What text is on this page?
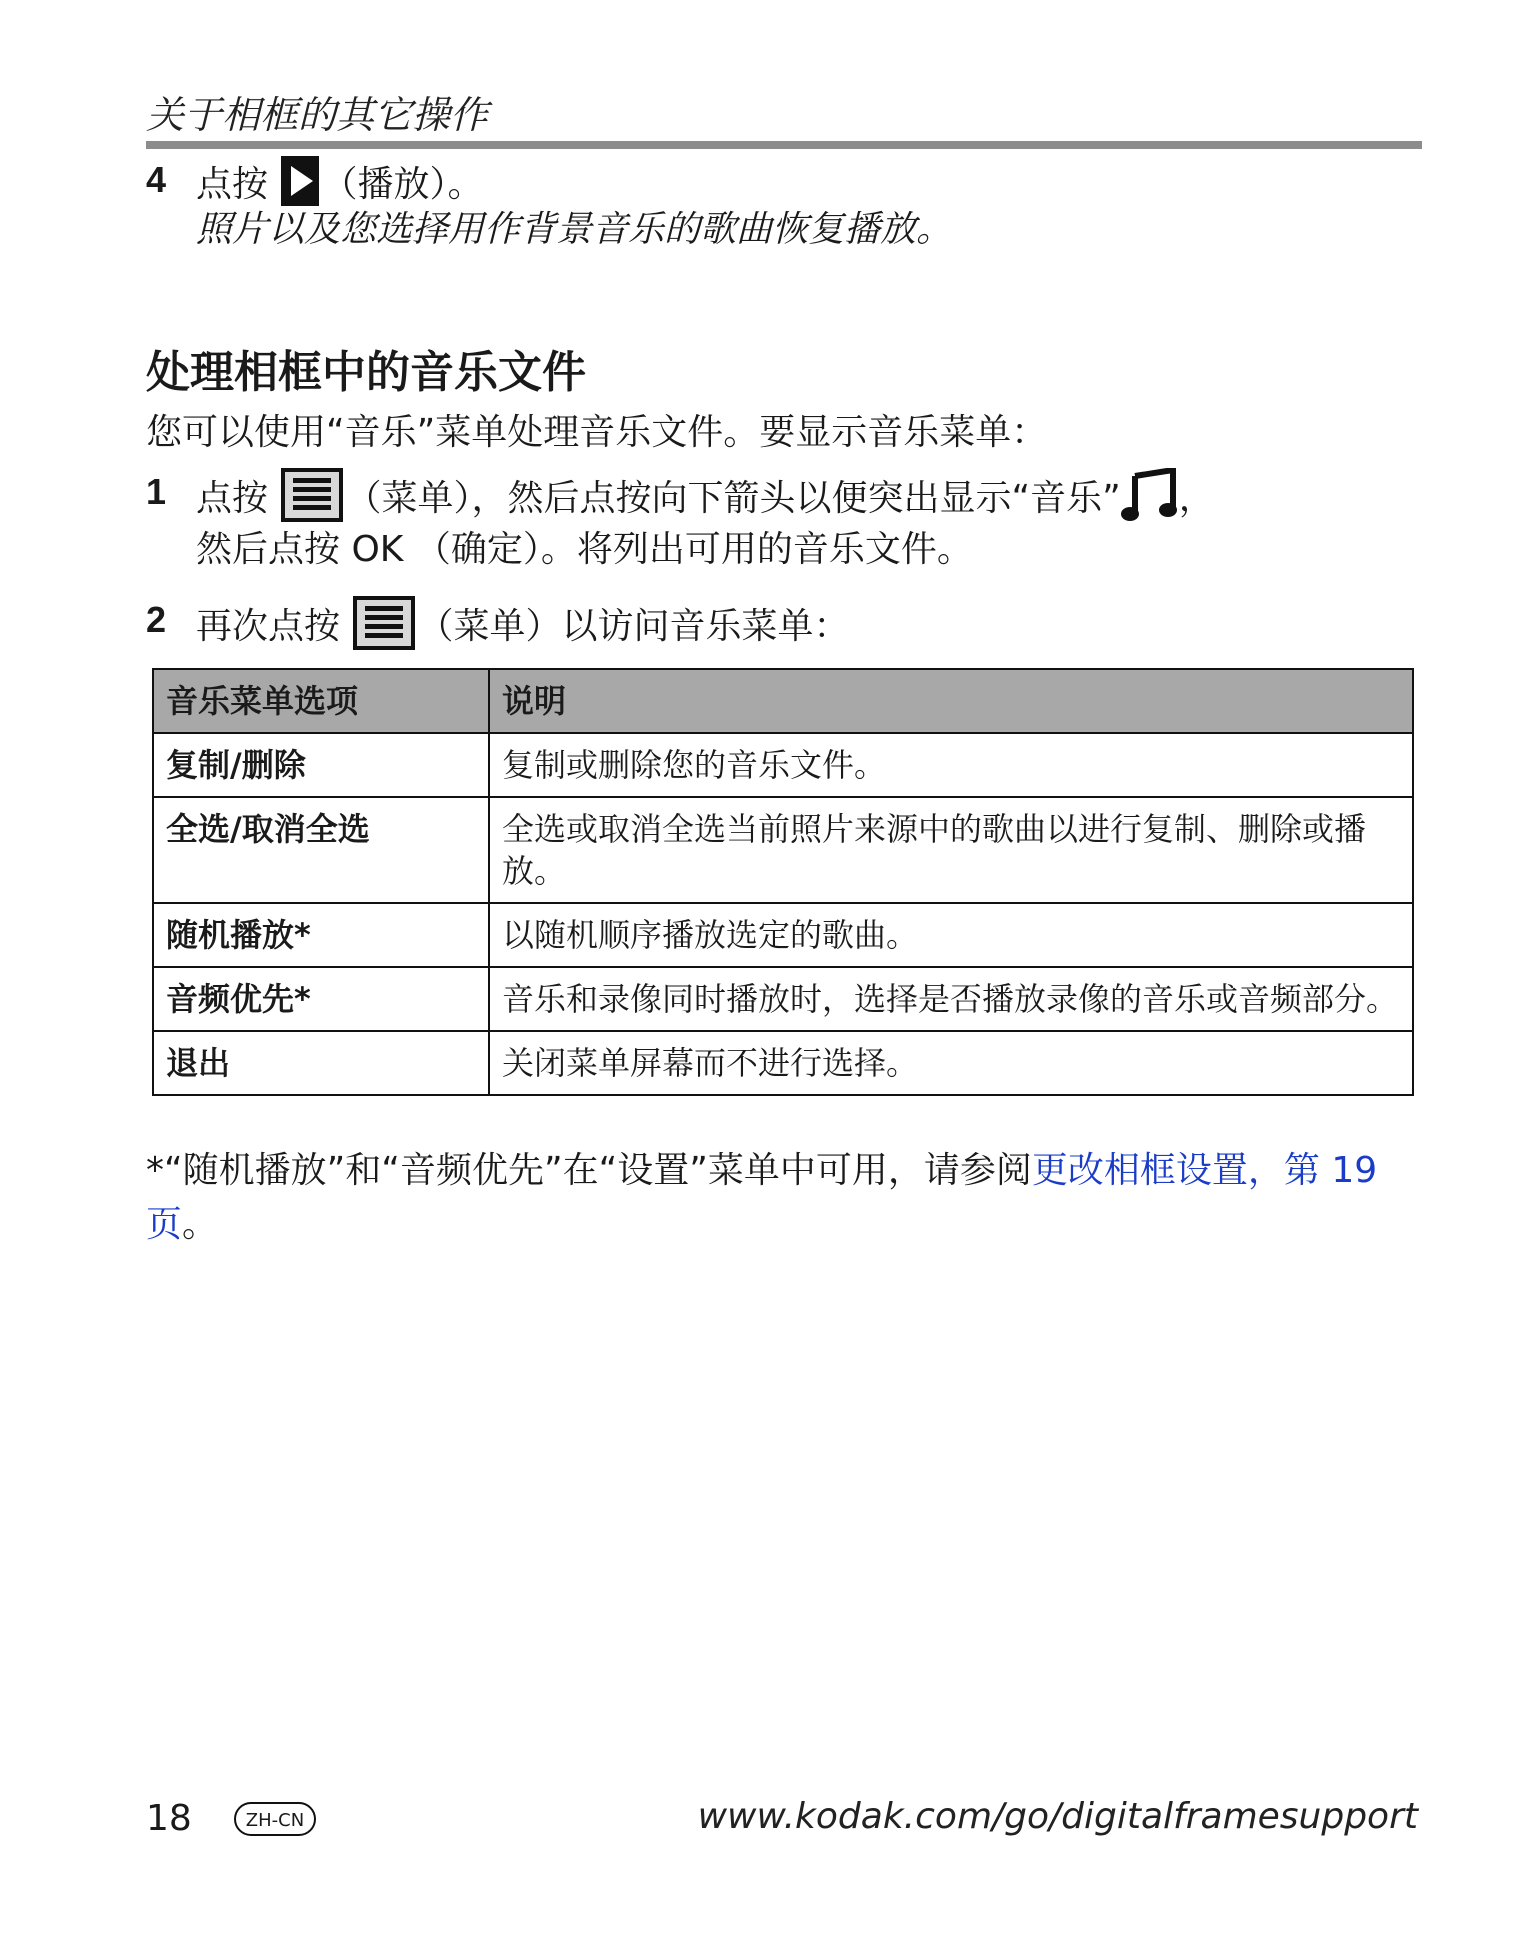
关于相框的其它操作
4 点按 （播放）。
照片以及您选择用作背景音乐的歌曲恢复播放。
处理相框中的音乐文件
您可以使用“音乐”菜单处理音乐文件。要显示音乐菜单：
1 点按 （菜单），然后点按向下箭头以便突出显示“音乐” ，
然后点按 OK （确定）。将列出可用的音乐文件。
2 再次点按 （菜单）以访问音乐菜单：
音乐菜单选项	说明
复制/删除	复制或删除您的音乐文件。
全选/取消全选	全选或取消全选当前照片来源中的歌曲以进行复制、删除或播放。
随机播放*	以随机顺序播放选定的歌曲。
音频优先*	音乐和录像同时播放时，选择是否播放录像的音乐或音频部分。
退出	关闭菜单屏幕而不进行选择。
*“随机播放”和“音频优先”在“设置”菜单中可用，请参阅更改相框设置，第 19 页。
18	ZH-CN	www.kodak.com/go/digitalframesupport
